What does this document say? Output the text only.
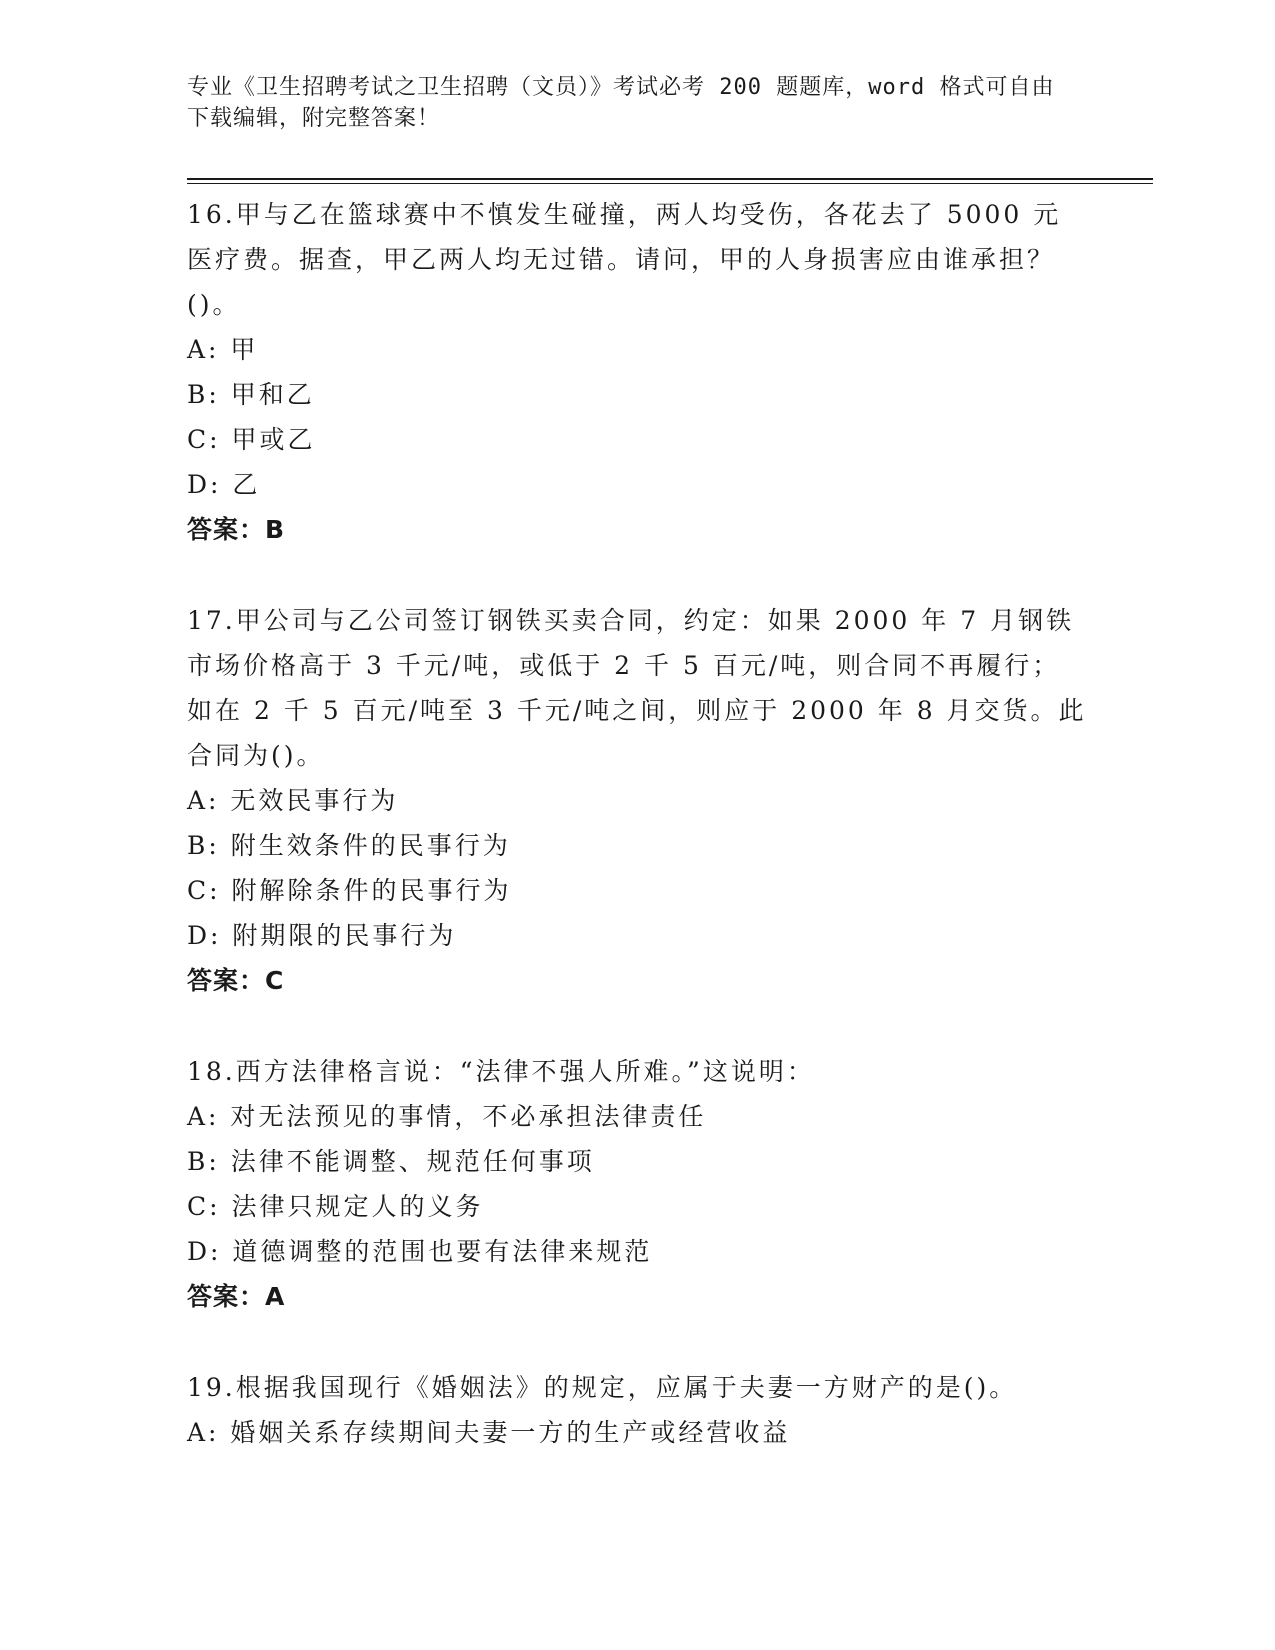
专业《卫生招聘考试之卫生招聘（文员）》考试必考 200 题题库，word 格式可自由下载编辑，附完整答案！

16.甲与乙在篮球赛中不慎发生碰撞，两人均受伤，各花去了 5000 元医疗费。据查，甲乙两人均无过错。请问，甲的人身损害应由谁承担？()。

A: 甲

B: 甲和乙

C: 甲或乙

D: 乙

答案：B

17.甲公司与乙公司签订钢铁买卖合同，约定：如果 2000 年 7 月钢铁市场价格高于 3 千元/吨，或低于 2 千 5 百元/吨，则合同不再履行；如在 2 千 5 百元/吨至 3 千元/吨之间，则应于 2000 年 8 月交货。此合同为()。

A: 无效民事行为

B: 附生效条件的民事行为

C: 附解除条件的民事行为

D: 附期限的民事行为

答案：C

18.西方法律格言说：“法律不强人所难。”这说明：

A: 对无法预见的事情，不必承担法律责任

B: 法律不能调整、规范任何事项

C: 法律只规定人的义务

D: 道德调整的范围也要有法律来规范

答案：A

19.根据我国现行《婚姻法》的规定，应属于夫妻一方财产的是()。

A: 婚姻关系存续期间夫妻一方的生产或经营收益
